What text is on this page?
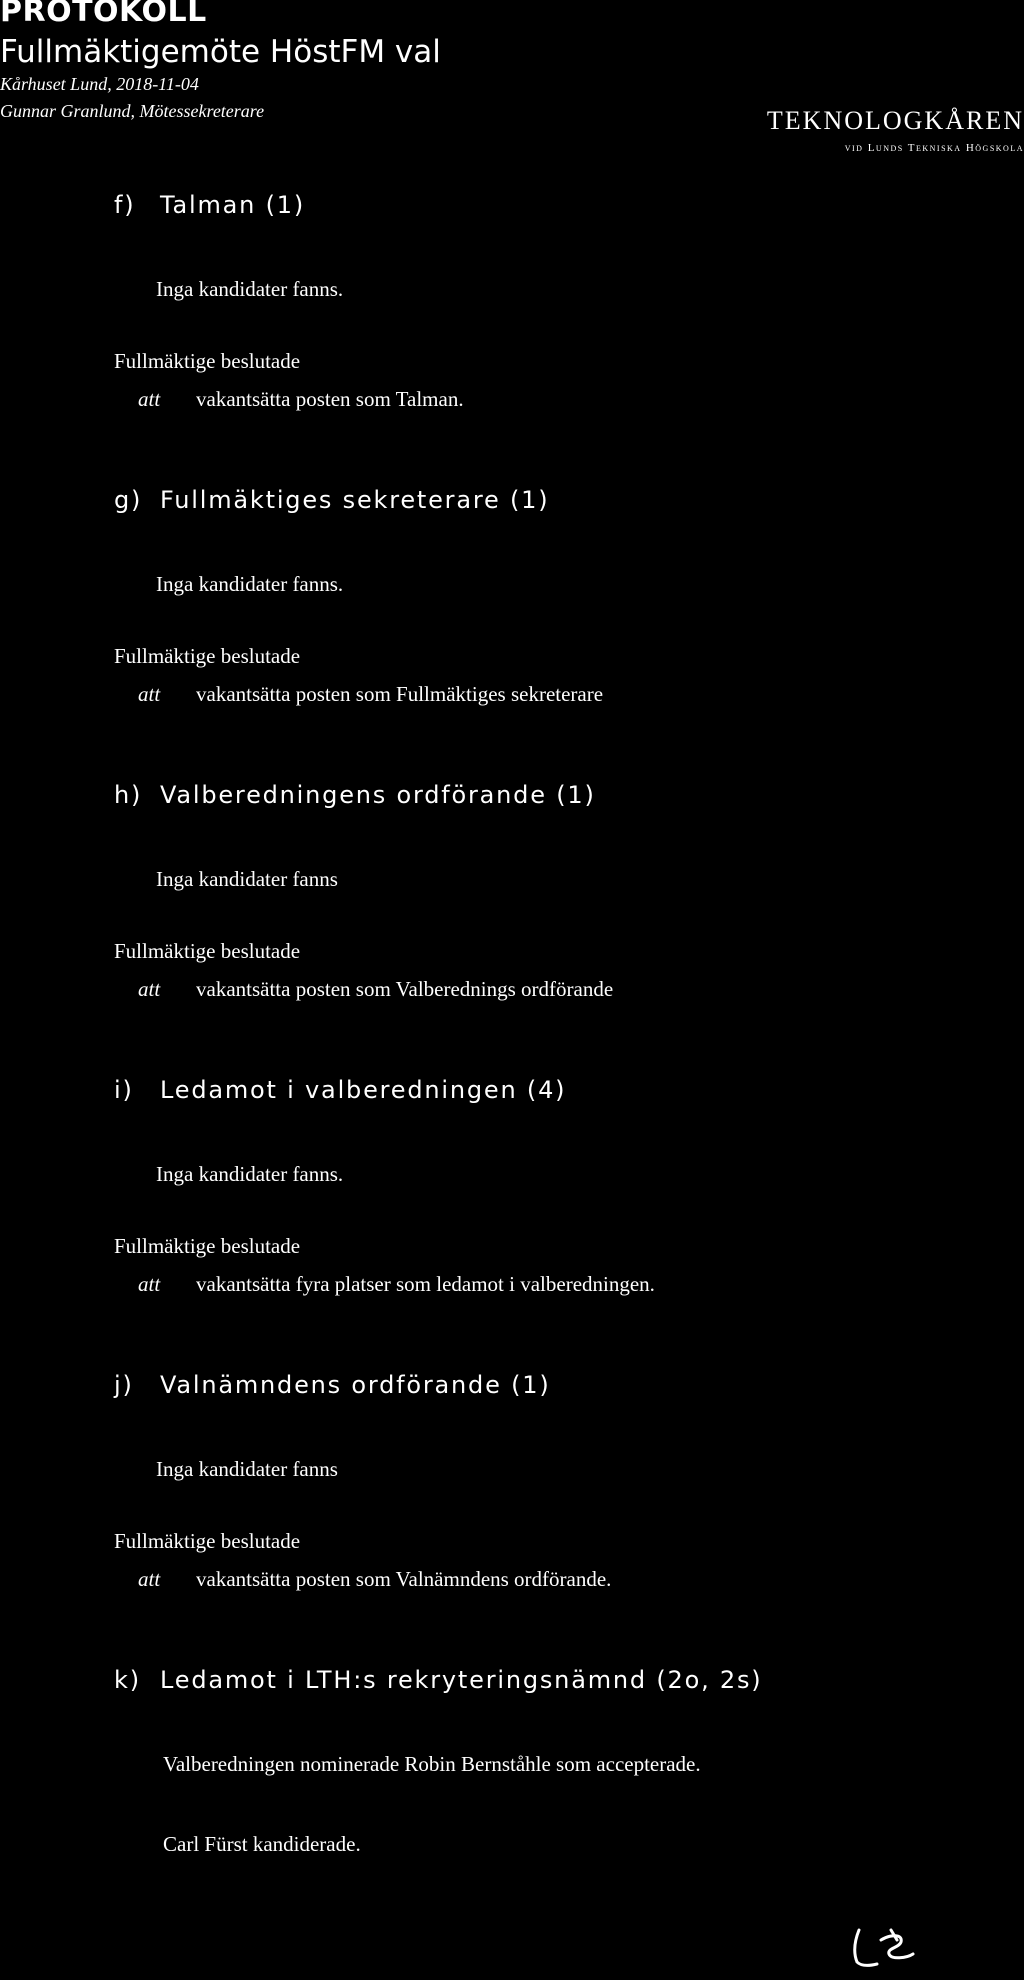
PROTOKOLL
Fullmäktigemöte HöstFM val
Kårhuset Lund, 2018-11-04
Gunnar Granlund, Mötessekreterare	TEKNOLOGKÅREN
vid Lunds Tekniska Högskola
f) Talman (1)
Inga kandidater fanns.
Fullmäktige beslutade
att vakantsätta posten som Talman.
g) Fullmäktiges sekreterare (1)
Inga kandidater fanns.
Fullmäktige beslutade
att vakantsätta posten som Fullmäktiges sekreterare
h) Valberedningens ordförande (1)
Inga kandidater fanns
Fullmäktige beslutade
att vakantsätta posten som Valberednings ordförande
i) Ledamot i valberedningen (4)
Inga kandidater fanns.
Fullmäktige beslutade
att vakantsätta fyra platser som ledamot i valberedningen.
j) Valnämndens ordförande (1)
Inga kandidater fanns
Fullmäktige beslutade
att vakantsätta posten som Valnämndens ordförande.
k) Ledamot i LTH:s rekryteringsnämnd (2o, 2s)
Valberedningen nominerade Robin Bernståhle som accepterade.
Carl Fürst kandiderade.
